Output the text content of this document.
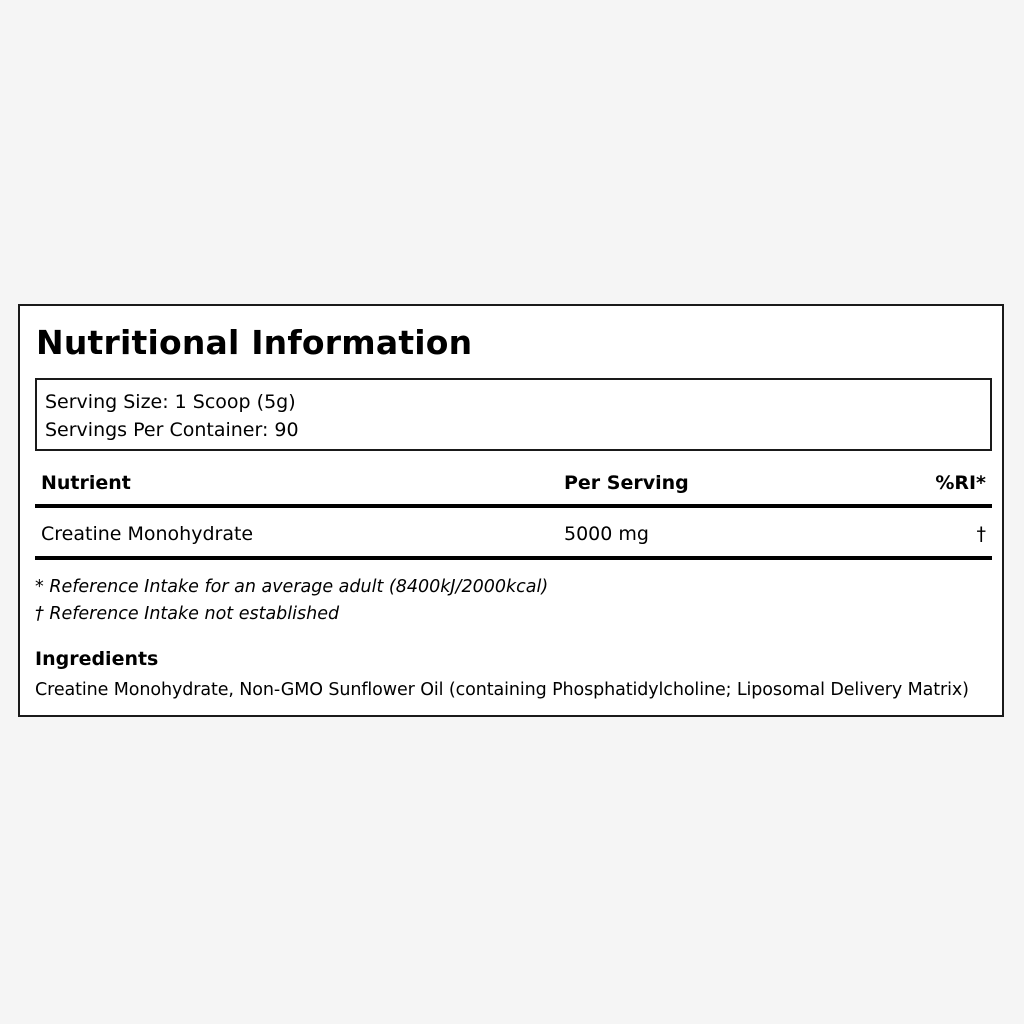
Nutritional Information
Serving Size: 1 Scoop (5g)
Servings Per Container: 90
Nutrient	Per Serving	%RI*
Creatine Monohydrate	5000 mg	†
* Reference Intake for an average adult (8400kJ/2000kcal)
† Reference Intake not established
Ingredients
Creatine Monohydrate, Non-GMO Sunflower Oil (containing Phosphatidylcholine; Liposomal Delivery Matrix)
